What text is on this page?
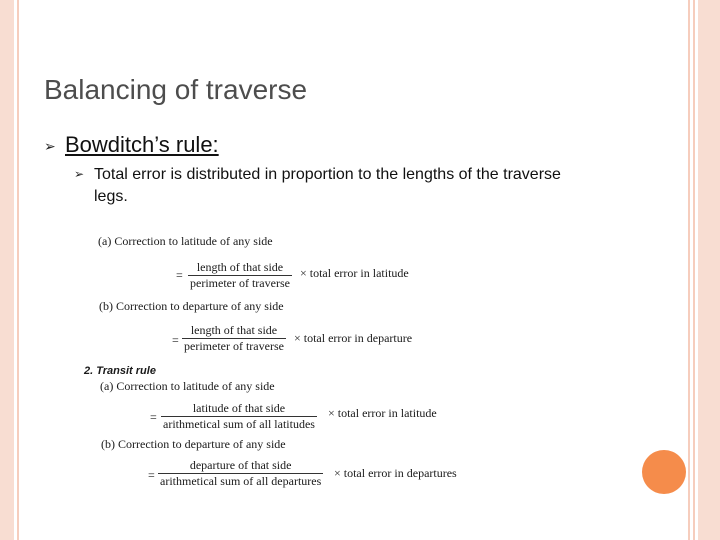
Balancing of traverse
➢ Bowditch’s rule:
➢ Total error is distributed in proportion to the lengths of the traverse legs.
(a) Correction to latitude of any side
=
length of that side
perimeter of traverse
× total error in latitude
(b) Correction to departure of any side
=
length of that side
perimeter of traverse
× total error in departure
2. Transit rule
(a) Correction to latitude of any side
=
latitude of that side
arithmetical sum of all latitudes
× total error in latitude
(b) Correction to departure of any side
=
departure of that side
arithmetical sum of all departures
× total error in departures
